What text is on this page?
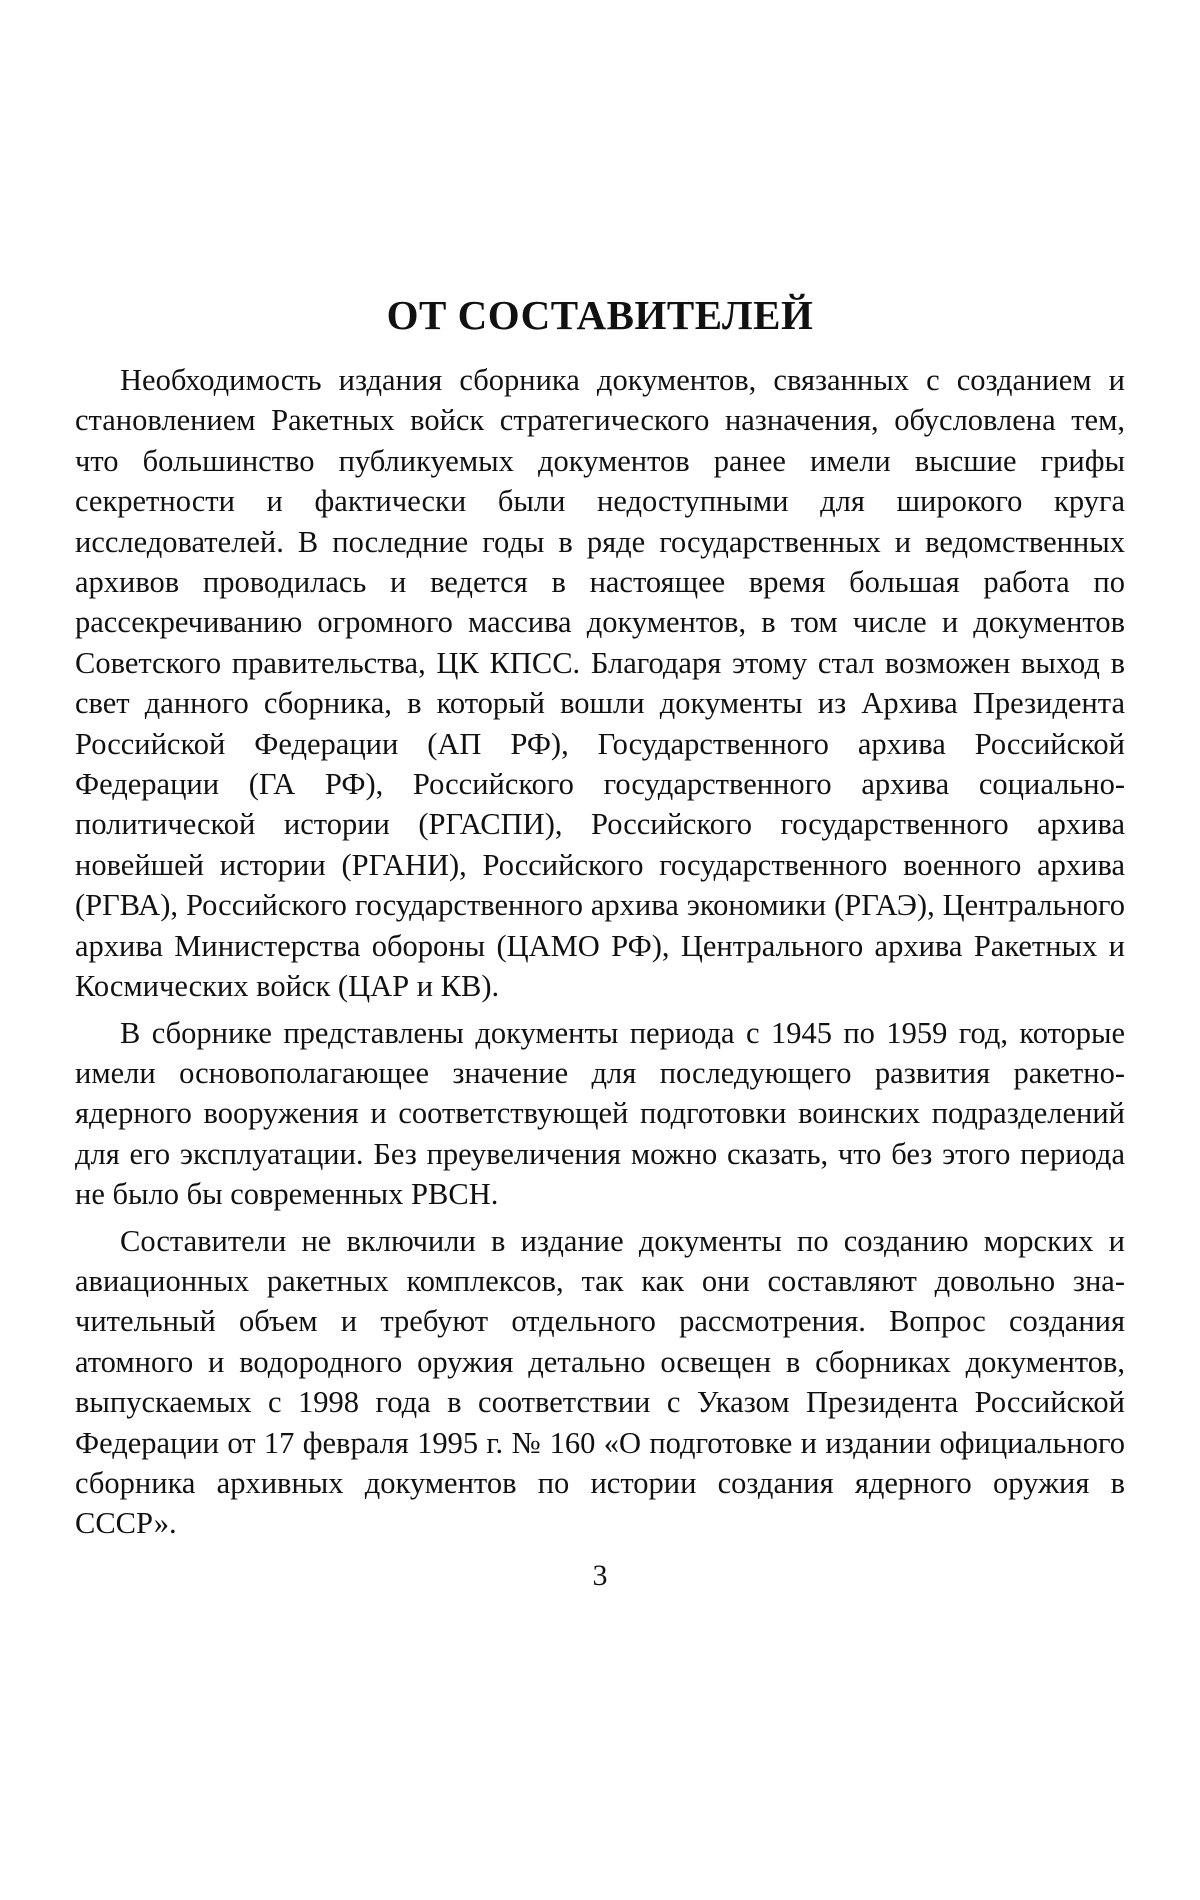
ОТ СОСТАВИТЕЛЕЙ

Необходимость издания сборника документов, связанных с созданием и становлением Ракетных войск стратегического назначения, обусловлена тем, что большинство публикуемых документов ранее имели высшие грифы секретности и фактически были недоступными для широкого круга исследователей. В последние годы в ряде государственных и ведомственных архивов проводилась и ведется в настоящее время большая работа по рассекречиванию огромного массива документов, в том числе и документов Советского правительства, ЦК КПСС. Благодаря этому стал возможен выход в свет данного сборника, в который вошли документы из Архива Президента Российской Федерации (АП РФ), Государственного архива Российской Федерации (ГА РФ), Российского государственного архива социально-политической истории (РГАСПИ), Российского государственного архива новейшей истории (РГАНИ), Российского государственного военного архива (РГВА), Российского государственного архива экономики (РГАЭ), Центрального архива Министерства обороны (ЦАМО РФ), Центрального архива Ракетных и Космических войск (ЦАР и КВ).

В сборнике представлены документы периода с 1945 по 1959 год, которые имели основополагающее значение для последующего развития ракетно-ядерного вооружения и соответствующей подготовки воинских подразделений для его эксплуатации. Без преувеличения можно сказать, что без этого периода не было бы современных РВСН.

Составители не включили в издание документы по созданию морских и авиационных ракетных комплексов, так как они составляют довольно значительный объем и требуют отдельного рассмотрения. Вопрос создания атомного и водородного оружия детально освещен в сборниках документов, выпускаемых с 1998 года в соответствии с Указом Президента Российской Федерации от 17 февраля 1995 г. № 160 «О подготовке и издании официального сборника архивных документов по истории создания ядерного оружия в СССР».

3
